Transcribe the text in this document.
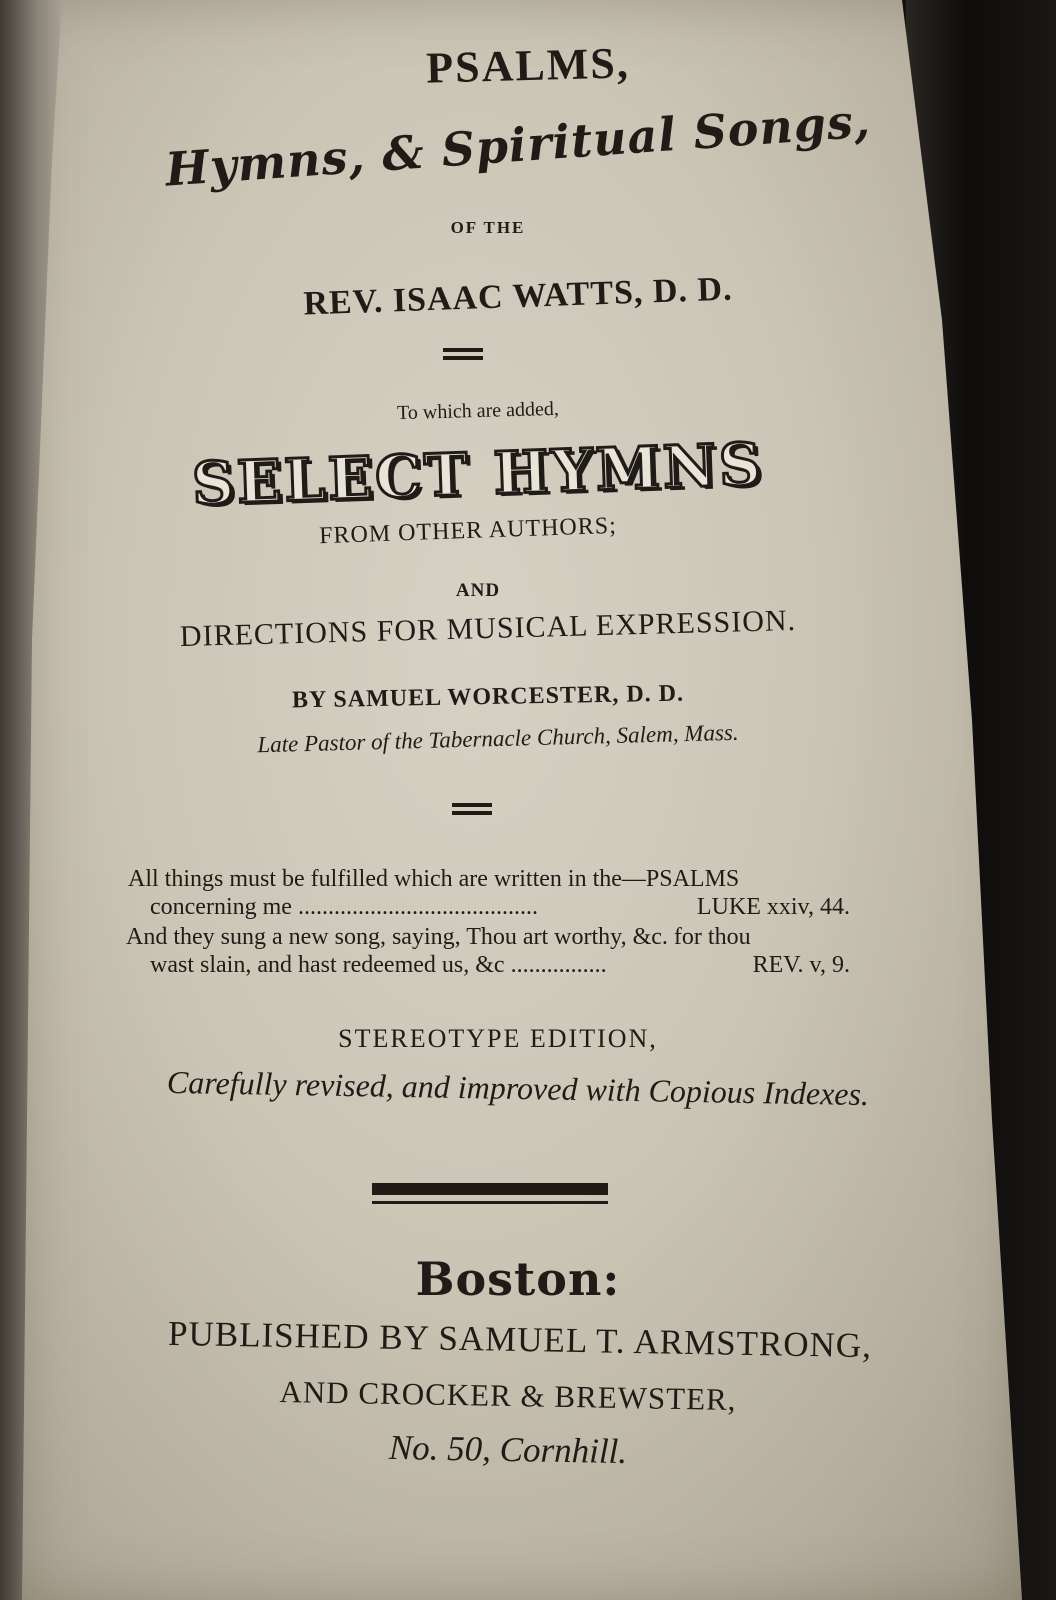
PSALMS,
Hymns, & Spiritual Songs,
OF THE
REV. ISAAC WATTS, D. D.
To which are added,
SELECT HYMNS
FROM OTHER AUTHORS;
AND
DIRECTIONS FOR MUSICAL EXPRESSION.
BY SAMUEL WORCESTER, D. D.
Late Pastor of the Tabernacle Church, Salem, Mass.
All things must be fulfilled which are written in the—PSALMS
concerning me ........................................	LUKE xxiv, 44.
And they sung a new song, saying, Thou art worthy, &c. for thou
wast slain, and hast redeemed us, &c ................	REV. v, 9.
STEREOTYPE EDITION,
Carefully revised, and improved with Copious Indexes.
Boston:
PUBLISHED BY SAMUEL T. ARMSTRONG,
AND CROCKER & BREWSTER,
No. 50, Cornhill.
